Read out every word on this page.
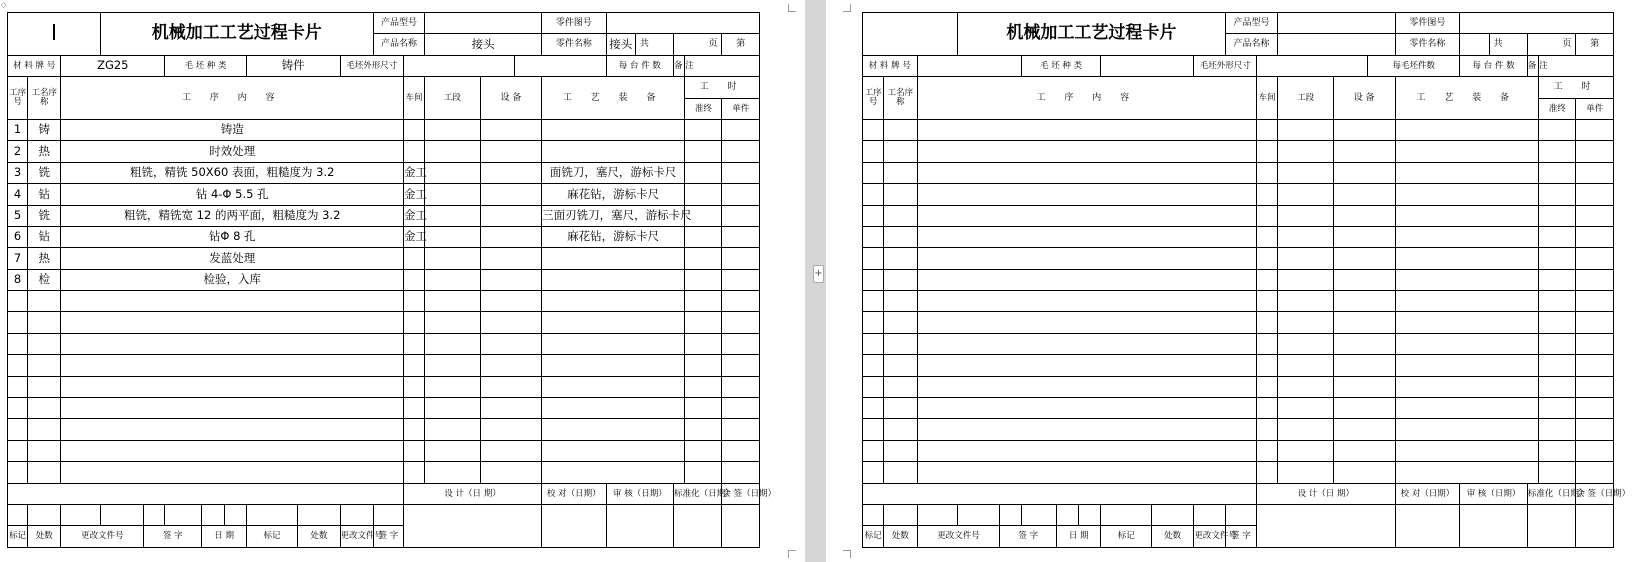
◇
+
			机械加工工艺过程卡片								产品型号					零件图号					
											产品名称		接头			零件名称	接头	共	页		第
材 料 牌 号		ZG25			毛 坯 种 类			铸件		毛坯外形尺寸							每 台 件 数		备 注		
工序号	工名序称	工 序 内 容										车间	工段	设 备		工 艺 装 备				工 时	
																				准终	单件
1	铸	铸造																			
2	热	时效处理																			
3	铣	粗铣，精铣 50X60 表面，粗糙度为 3.2										金工				面铣刀，塞尺，游标卡尺					
4	钻	钻 4-Φ 5.5 孔										金工				麻花钻，游标卡尺					
5	铣	粗铣，精铣宽 12 的两平面，粗糙度为 3.2										金工				三面刃铣刀，塞尺，游标卡尺					
6	钻	钻Φ 8 孔										金工				麻花钻，游标卡尺					
7	热	发蓝处理																			
8	检	检验，入库																			

												设 计（日 期）				校 对（日期）	审 核（日期）		标准化（日期）		会 签（日期）

标记	处数	更改文件号		签 字		日 期		标记	处数	更改文件号	签 字										
			机械加工工艺过程卡片								产品型号					零件图号					
											产品名称					零件名称		共	页		第
材 料 牌 号					毛 坯 种 类					毛坯外形尺寸					每毛坯件数		每 台 件 数		备 注		
工序号	工名序称	工 序 内 容										车间	工段	设 备		工 艺 装 备				工 时	
																				准终	单件

												设 计（日 期）				校 对（日期）	审 核（日期）		标准化（日期）		会 签（日期）

标记	处数	更改文件号		签 字		日 期		标记	处数	更改文件号	签 字										
